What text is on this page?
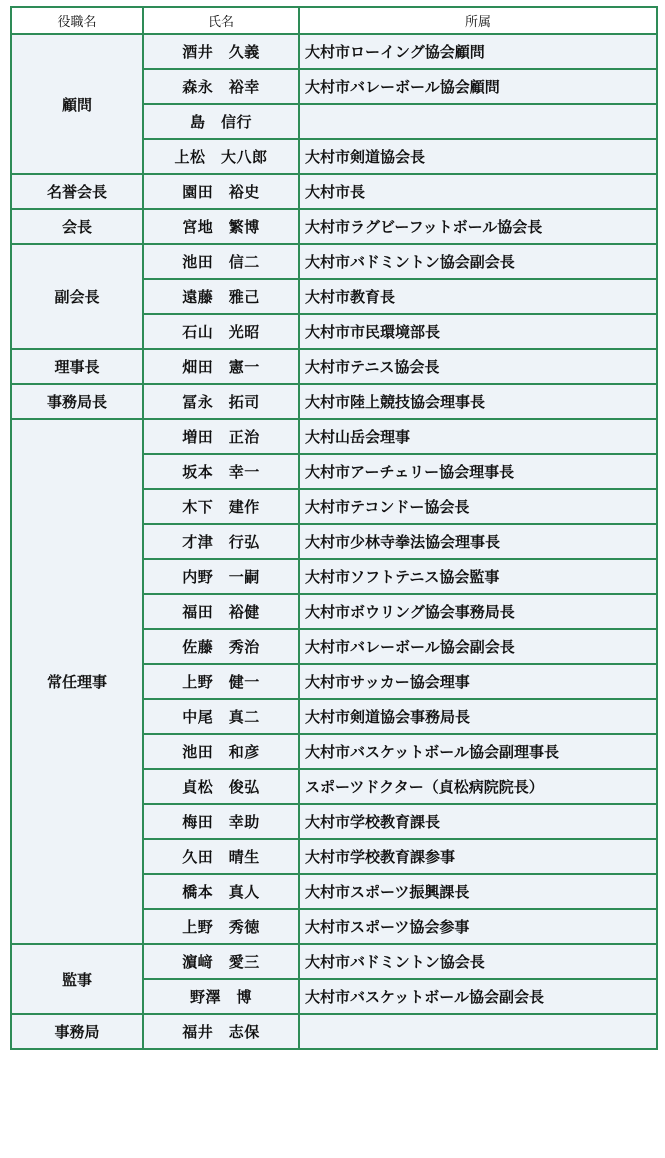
役職名	氏名	所属
顧問	酒井　久義	大村市ローイング協会顧問
	森永　裕幸	大村市バレーボール協会顧問
	島　信行	
	上松　大八郎	大村市剣道協会長
名誉会長	園田　裕史	大村市長
会長	宮地　繁博	大村市ラグビーフットボール協会長
副会長	池田　信二	大村市バドミントン協会副会長
	遠藤　雅己	大村市教育長
	石山　光昭	大村市市民環境部長
理事長	畑田　憲一	大村市テニス協会長
事務局長	冨永　拓司	大村市陸上競技協会理事長
常任理事	増田　正治	大村山岳会理事
	坂本　幸一	大村市アーチェリー協会理事長
	木下　建作	大村市テコンドー協会長
	才津　行弘	大村市少林寺拳法協会理事長
	内野　一嗣	大村市ソフトテニス協会監事
	福田　裕健	大村市ボウリング協会事務局長
	佐藤　秀治	大村市バレーボール協会副会長
	上野　健一	大村市サッカー協会理事
	中尾　真二	大村市剣道協会事務局長
	池田　和彦	大村市バスケットボール協会副理事長
	貞松　俊弘	スポーツドクター（貞松病院院長）
	梅田　幸助	大村市学校教育課長
	久田　晴生	大村市学校教育課参事
	橋本　真人	大村市スポーツ振興課長
	上野　秀徳	大村市スポーツ協会参事
監事	濵﨑　愛三	大村市バドミントン協会長
	野澤　博	大村市バスケットボール協会副会長
事務局	福井　志保	
